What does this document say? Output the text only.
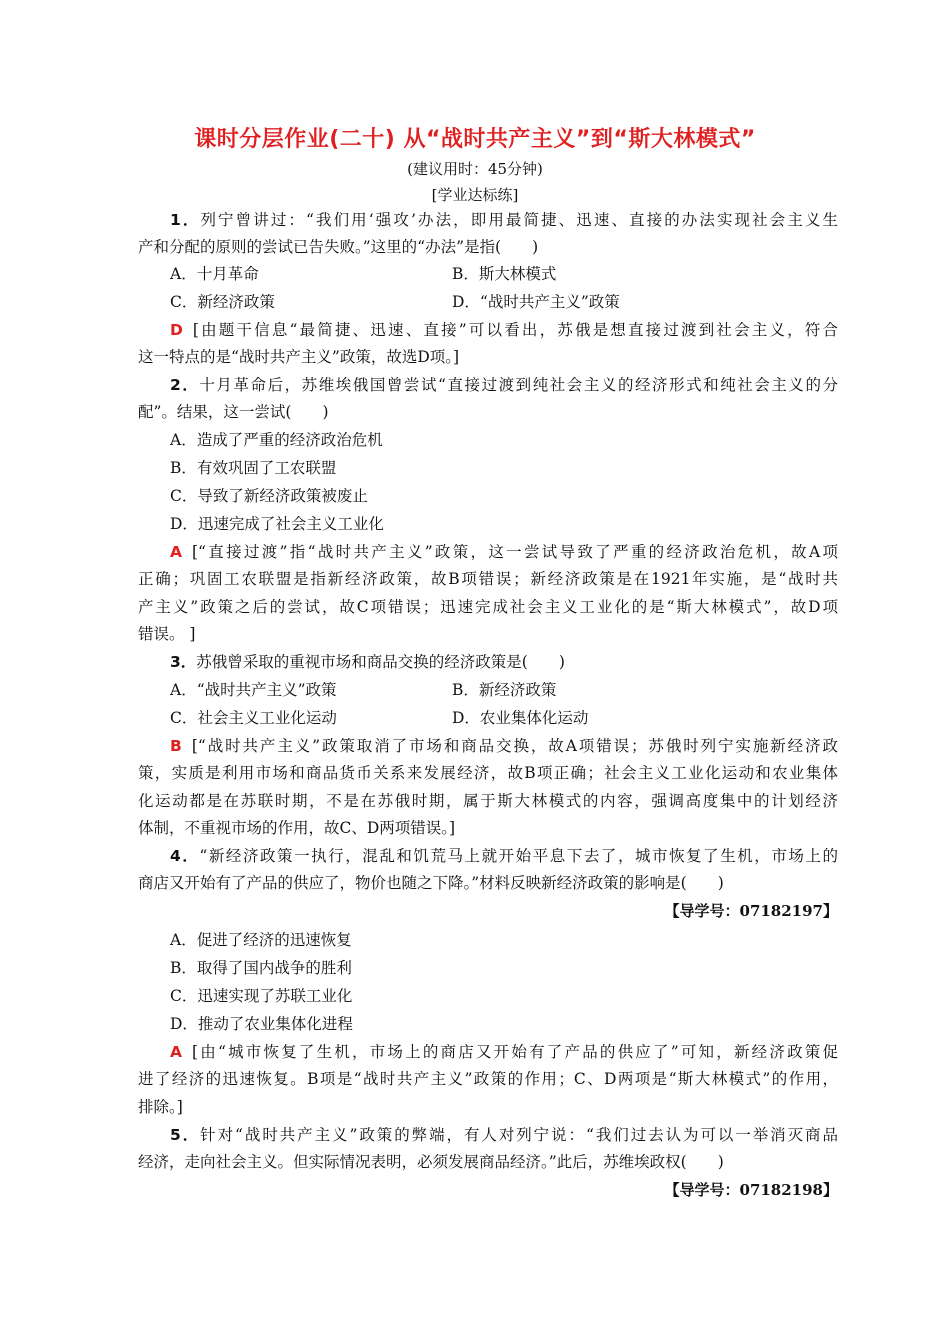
课时分层作业(二十) 从“战时共产主义”到“斯大林模式”
(建议用时：45分钟)
[学业达标练]
1．列宁曾讲过：“我们用‘强攻’办法，即用最简捷、迅速、直接的办法实现社会主义生
产和分配的原则的尝试已告失败。”这里的“办法”是指(　　)
A．十月革命	B．斯大林模式
C．新经济政策	D．“战时共产主义”政策
D [由题干信息“最简捷、迅速、直接”可以看出，苏俄是想直接过渡到社会主义，符合
这一特点的是“战时共产主义”政策，故选D项。]
2．十月革命后，苏维埃俄国曾尝试“直接过渡到纯社会主义的经济形式和纯社会主义的分
配”。结果，这一尝试(　　)
A．造成了严重的经济政治危机
B．有效巩固了工农联盟
C．导致了新经济政策被废止
D．迅速完成了社会主义工业化
A [“直接过渡”指“战时共产主义”政策，这一尝试导致了严重的经济政治危机，故A项
正确；巩固工农联盟是指新经济政策，故B项错误；新经济政策是在1921年实施，是“战时共
产主义”政策之后的尝试，故C项错误；迅速完成社会主义工业化的是“斯大林模式”，故D项
错误。 ]
3．苏俄曾采取的重视市场和商品交换的经济政策是(　　)
A．“战时共产主义”政策	B．新经济政策
C．社会主义工业化运动	D．农业集体化运动
B [“战时共产主义”政策取消了市场和商品交换，故A项错误；苏俄时列宁实施新经济政
策，实质是利用市场和商品货币关系来发展经济，故B项正确；社会主义工业化运动和农业集体
化运动都是在苏联时期，不是在苏俄时期，属于斯大林模式的内容，强调高度集中的计划经济
体制，不重视市场的作用，故C、D两项错误。]
4．“新经济政策一执行，混乱和饥荒马上就开始平息下去了，城市恢复了生机，市场上的
商店又开始有了产品的供应了，物价也随之下降。”材料反映新经济政策的影响是(　　)
【导学号：07182197】
A．促进了经济的迅速恢复
B．取得了国内战争的胜利
C．迅速实现了苏联工业化
D．推动了农业集体化进程
A [由“城市恢复了生机，市场上的商店又开始有了产品的供应了”可知，新经济政策促
进了经济的迅速恢复。B项是“战时共产主义”政策的作用；C、D两项是“斯大林模式”的作用，
排除。]
5．针对“战时共产主义”政策的弊端，有人对列宁说：“我们过去认为可以一举消灭商品
经济，走向社会主义。但实际情况表明，必须发展商品经济。”此后，苏维埃政权(　　)
【导学号：07182198】
